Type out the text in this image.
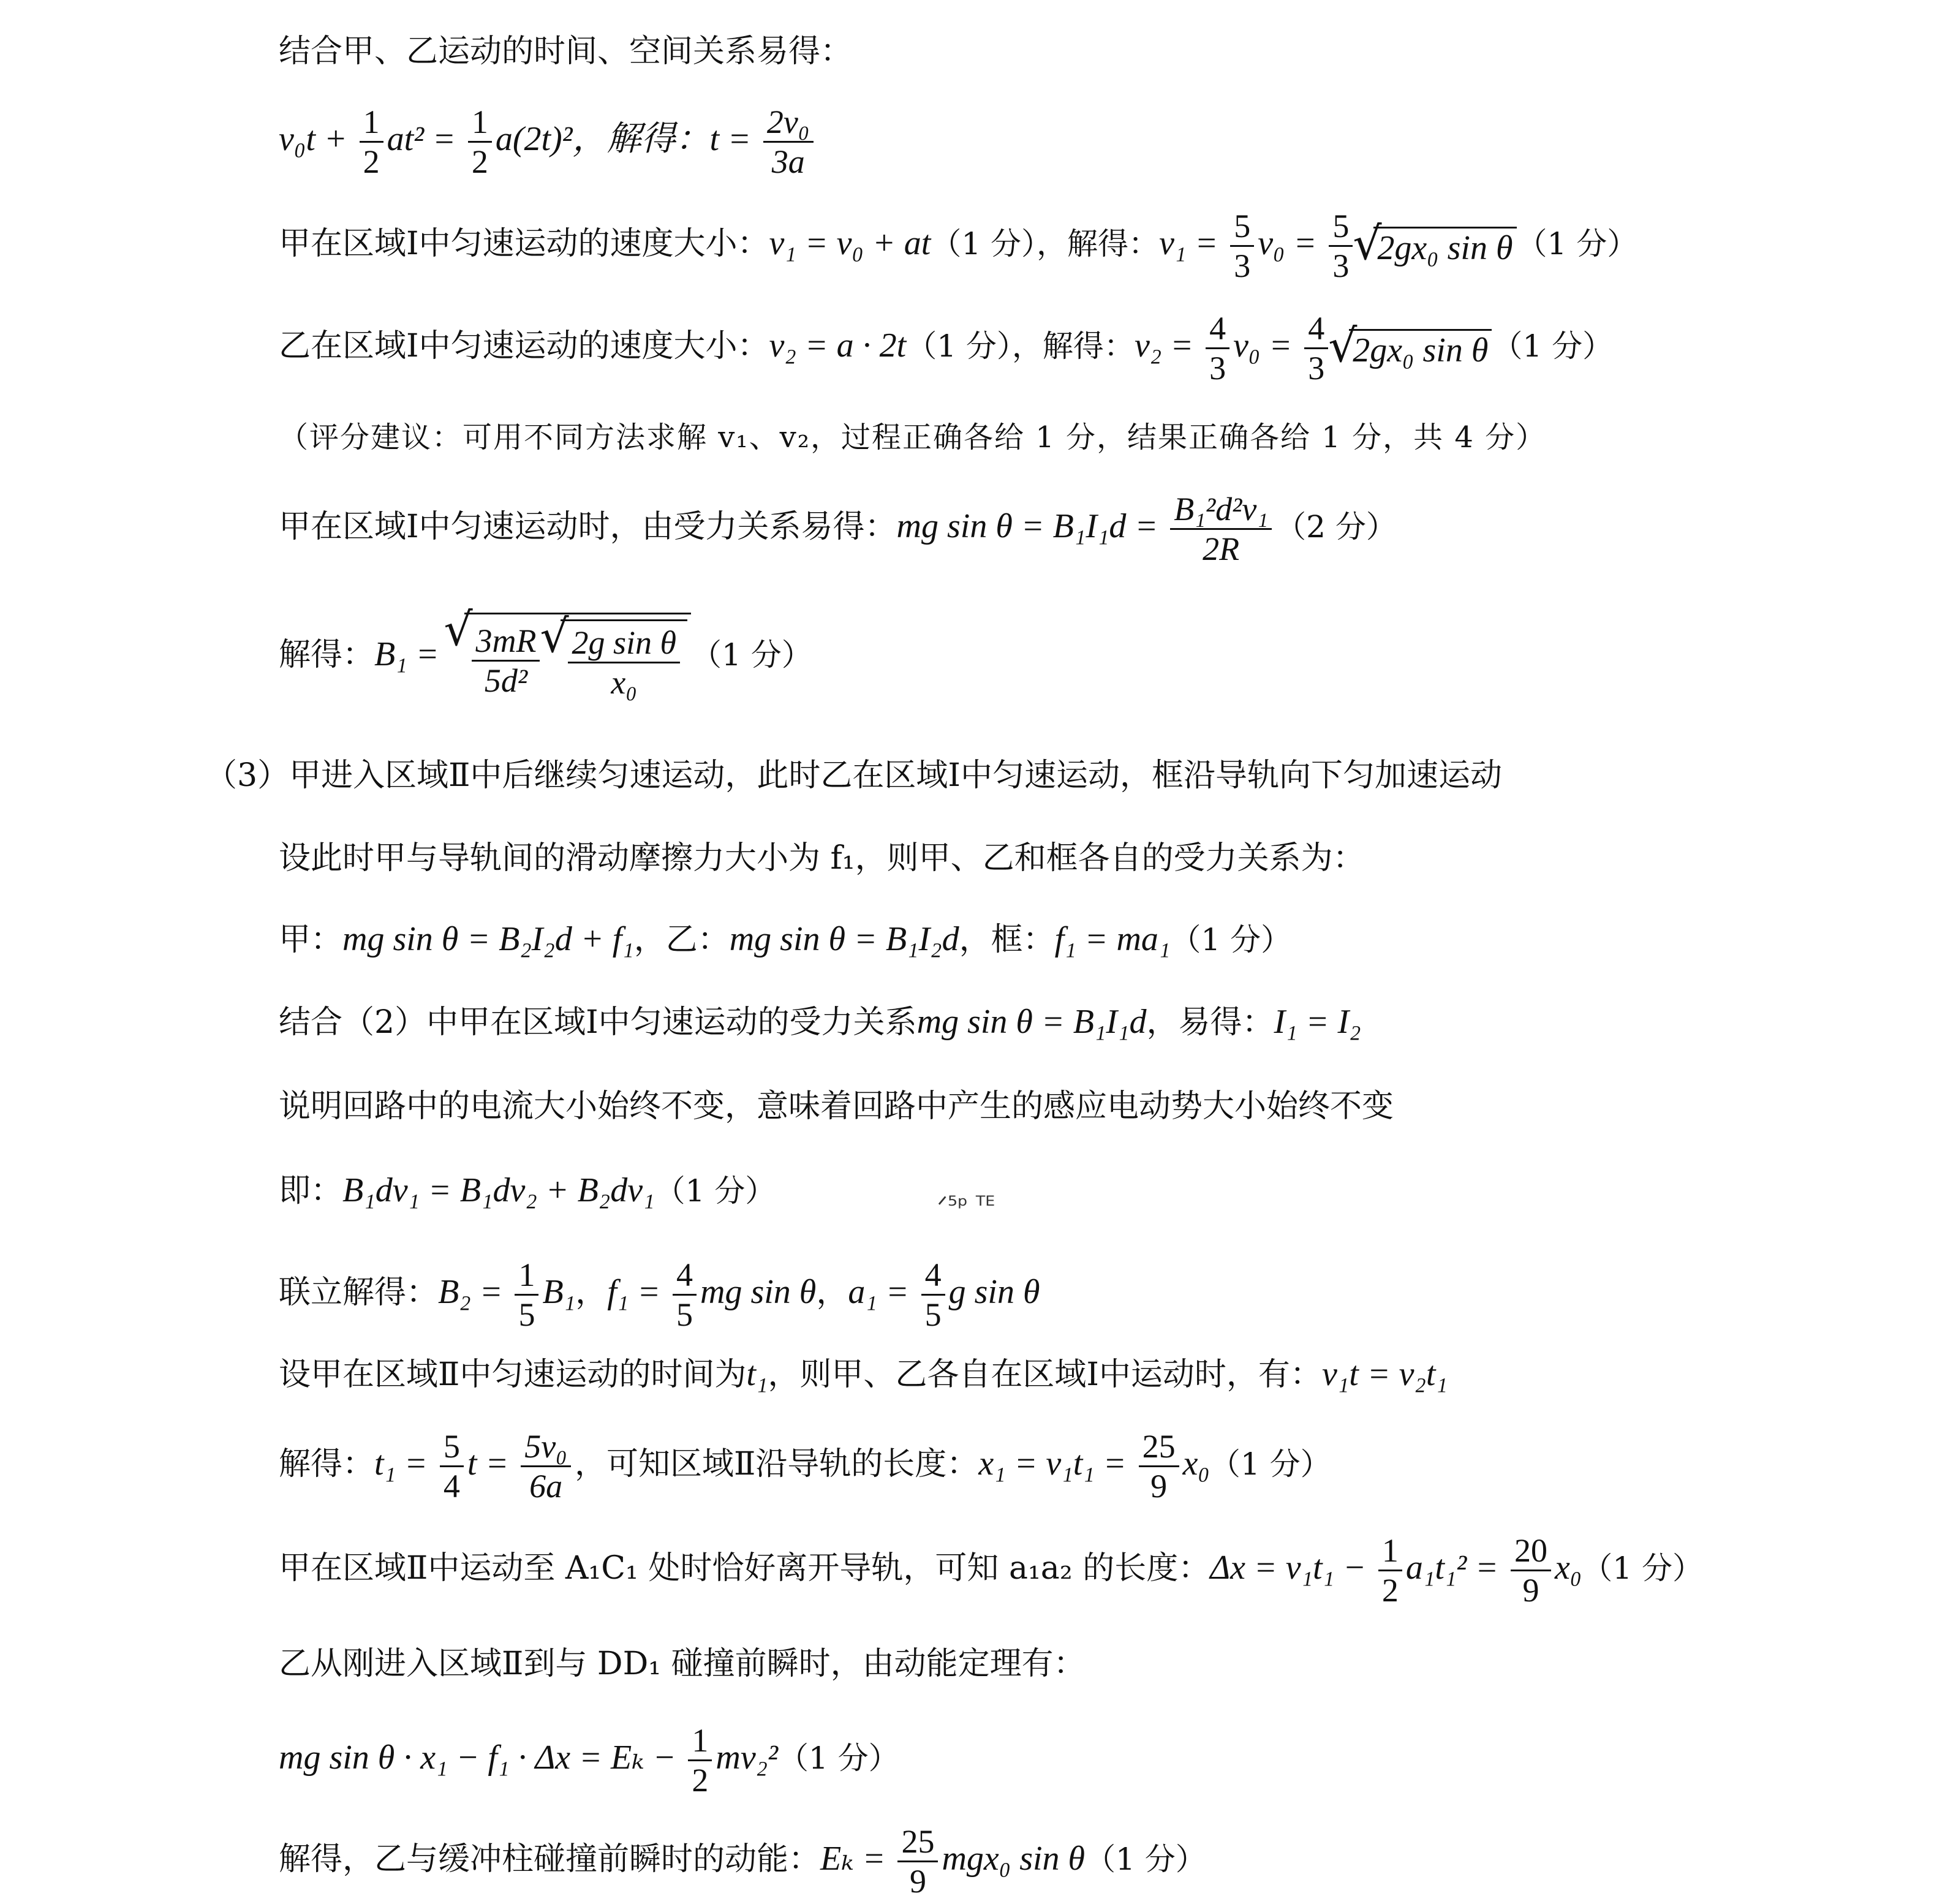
结合甲、乙运动的时间、空间关系易得：
$v_0t + \frac{1}{2} at^2 = \frac{1}{2} a(2t)^2$，解得：$t = \frac{\text{2v₀}}{3a}$
甲在区域Ⅰ中匀速运动的速度大小：v₁ = v₀ + at（1 分），解得：$v_1 = \frac{5}{3} v_0 = \frac{5}{3}$ √ 2gx₀ sin θ （1 分）
乙在区域Ⅰ中匀速运动的速度大小：v₂ = a · 2t（1 分），解得：$v_2 = \frac{4}{3} v_0 = \frac{4}{3}$ √ 2gx₀ sin θ （1 分）
（评分建议：可用不同方法求解 v₁、v₂，过程正确各给 1 分，结果正确各给 1 分，共 4 分）
甲在区域Ⅰ中匀速运动时，由受力关系易得：mg $\sin \theta = B_1I_1d = \frac{\text{B₁²d²v₁}}{2R} (2$ 分）
解得：B₁ = √ $\frac{3mR}{\text{5d²}}$ √ $\frac{\text{2g sin θ}}{\text{x₀}} (1$ 分）
（3）甲进入区域Ⅱ中后继续匀速运动，此时乙在区域Ⅰ中匀速运动，框沿导轨向下匀加速运动
设此时甲与导轨间的滑动摩擦力大小为 f₁，则甲、乙和框各自的受力关系为：
甲：mg sin θ = B₂I₂d + f₁，乙：mg sin θ = B₁I₂d，框：f₁ = ma₁（1 分）
结合（2）中甲在区域Ⅰ中匀速运动的受力关系mg sin θ = B₁I₁d，易得：I₁ = I₂
说明回路中的电流大小始终不变，意味着回路中产生的感应电动势大小始终不变
即：B₁dv₁ = B₁dv₂ + B₂dv₁（1 分）	ᐟ⁵ᵖ ᵀᴱ
联立解得：$B_2 = \frac{1}{5} B_1$，$f_1 = \frac{4}{5}$ mg sin θ，$a_1 = \frac{4}{5}$ g sin θ
设甲在区域Ⅱ中匀速运动的时间为t₁，则甲、乙各自在区域Ⅰ中运动时，有：v₁t = v₂t₁
解得：$t_1 = \frac{5}{4}$ $t = \frac{\text{5v₀}}{6a}$ ，可知区域Ⅱ沿导轨的长度：$x_1 = v_1t_1 = \frac{25}{9} x_0(1$ 分）
甲在区域Ⅱ中运动至 A₁C₁ 处时恰好离开导轨，可知 a₁a₂ 的长度：$\Delta x = v_1t_1 - \frac{1}{2} a_1t_1^2 = \frac{20}{9} x_0(1$ 分）
乙从刚进入区域Ⅱ到与 DD₁ 碰撞前瞬时，由动能定理有：
mg $\sin \theta \cdot x_1 - f_1 \cdot \Delta x = E_k - \frac{1}{2} mv_2^2(1$ 分）
解得，乙与缓冲柱碰撞前瞬时的动能：$E_k = \frac{25}{9} mgx_0$ sin θ（1 分）
